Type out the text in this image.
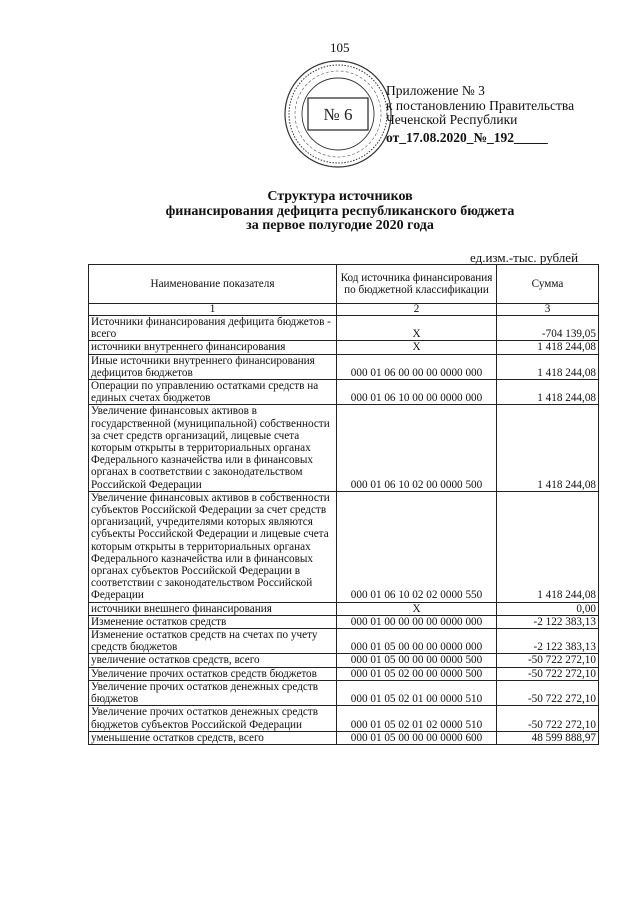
105
№ 6
Приложение № 3
к постановлению Правительства
Чеченской Республики
от_17.08.2020_№_192_____
Структура источников
финансирования дефицита республиканского бюджета
за первое полугодие 2020 года
ед.изм.-тыс. рублей
Наименование показателя	Код источника финансирования по бюджетной классификации	Сумма
1	2	3
Источники финансирования дефицита бюджетов - всего	Х	-704 139,05
источники внутреннего финансирования	Х	1 418 244,08
Иные источники внутреннего финансирования дефицитов бюджетов	000 01 06 00 00 00 0000 000	1 418 244,08
Операции по управлению остатками средств на единых счетах бюджетов	000 01 06 10 00 00 0000 000	1 418 244,08
Увеличение финансовых активов в государственной (муниципальной) собственности за счет средств организаций, лицевые счета которым открыты в территориальных органах Федерального казначейства или в финансовых органах в соответствии с законодательством Российской Федерации	000 01 06 10 02 00 0000 500	1 418 244,08
Увеличение финансовых активов в собственности субъектов Российской Федерации за счет средств организаций, учредителями которых являются субъекты Российской Федерации и лицевые счета которым открыты в территориальных органах Федерального казначейства или в финансовых органах субъектов Российской Федерации в соответствии с законодательством Российской Федерации	000 01 06 10 02 02 0000 550	1 418 244,08
источники внешнего финансирования	Х	0,00
Изменение остатков средств	000 01 00 00 00 00 0000 000	-2 122 383,13
Изменение остатков средств на счетах по учету средств бюджетов	000 01 05 00 00 00 0000 000	-2 122 383,13
увеличение остатков средств, всего	000 01 05 00 00 00 0000 500	-50 722 272,10
Увеличение прочих остатков средств бюджетов	000 01 05 02 00 00 0000 500	-50 722 272,10
Увеличение прочих остатков денежных средств бюджетов	000 01 05 02 01 00 0000 510	-50 722 272,10
Увеличение прочих остатков денежных средств бюджетов субъектов Российской Федерации	000 01 05 02 01 02 0000 510	-50 722 272,10
уменьшение остатков средств, всего	000 01 05 00 00 00 0000 600	48 599 888,97
